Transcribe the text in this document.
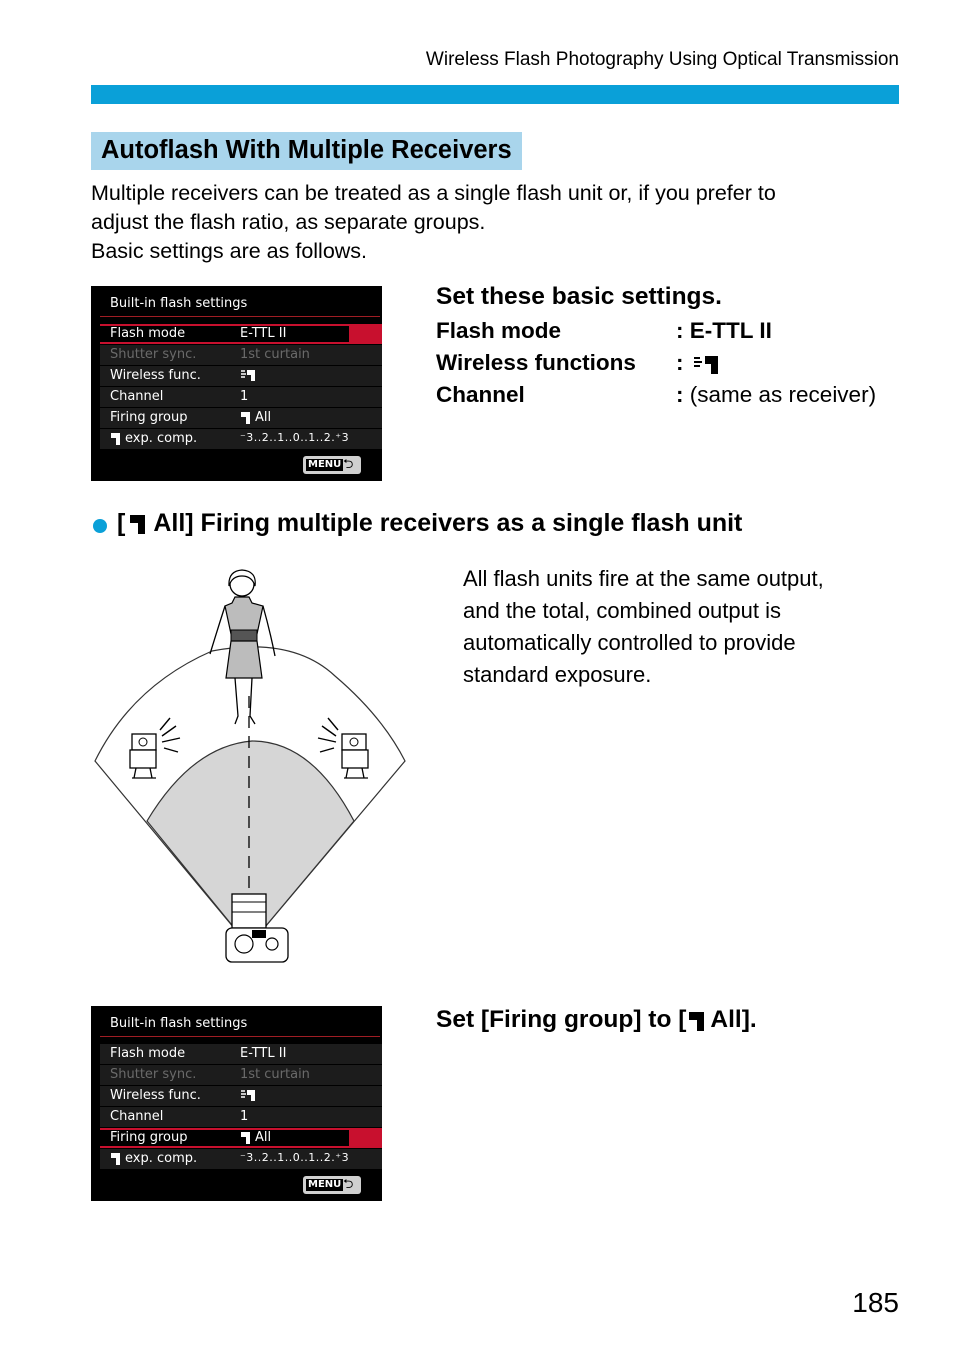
Wireless Flash Photography Using Optical Transmission
Autoflash With Multiple Receivers

Multiple receivers can be treated as a single flash unit or, if you prefer to

adjust the flash ratio, as separate groups.

Basic settings are as follows.

Built-in flash settings
Flash mode	E-TTL II
Shutter sync.	1st curtain
Wireless func.
Channel	1
Firing group	All
exp. comp.	⁻3..2..1..0..1..2.⁺3
MENU ⮌
Set these basic settings.
Flash mode	: E-TTL II
Wireless functions :
Channel	: (same as receiver)
[ All] Firing multiple receivers as a single flash unit
All flash units fire at the same output,
and the total, combined output is
automatically controlled to provide
standard exposure.
Built-in flash settings
Flash mode	E-TTL II
Shutter sync.	1st curtain
Wireless func.
Channel	1
Firing group	All
exp. comp.	⁻3..2..1..0..1..2.⁺3
MENU ⮌
Set [Firing group] to [ All].
185
